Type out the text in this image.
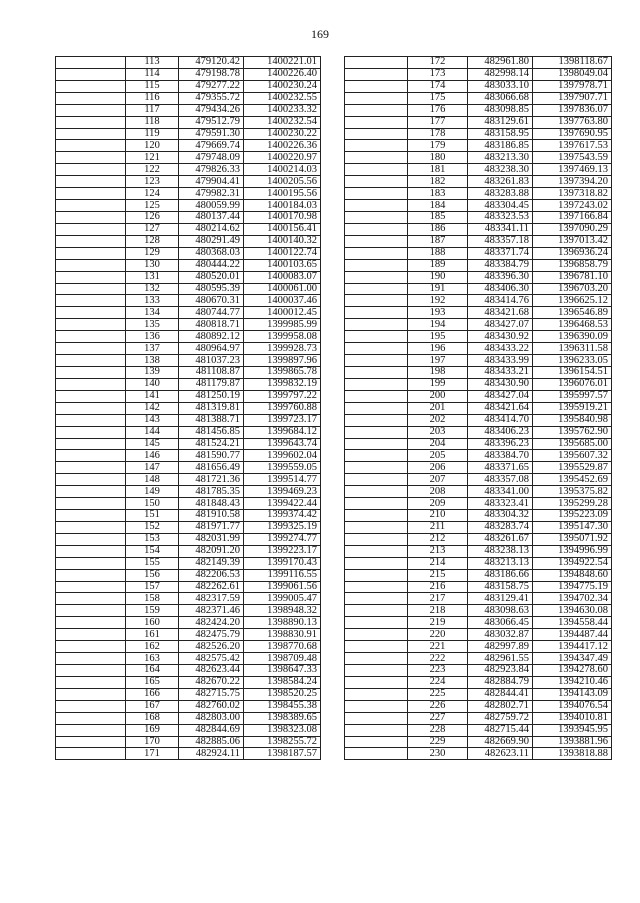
169
	113	479120.42	1400221.01
	114	479198.78	1400226.40
	115	479277.22	1400230.24
	116	479355.72	1400232.55
	117	479434.26	1400233.32
	118	479512.79	1400232.54
	119	479591.30	1400230.22
	120	479669.74	1400226.36
	121	479748.09	1400220.97
	122	479826.33	1400214.03
	123	479904.41	1400205.56
	124	479982.31	1400195.56
	125	480059.99	1400184.03
	126	480137.44	1400170.98
	127	480214.62	1400156.41
	128	480291.49	1400140.32
	129	480368.03	1400122.74
	130	480444.22	1400103.65
	131	480520.01	1400083.07
	132	480595.39	1400061.00
	133	480670.31	1400037.46
	134	480744.77	1400012.45
	135	480818.71	1399985.99
	136	480892.12	1399958.08
	137	480964.97	1399928.73
	138	481037.23	1399897.96
	139	481108.87	1399865.78
	140	481179.87	1399832.19
	141	481250.19	1399797.22
	142	481319.81	1399760.88
	143	481388.71	1399723.17
	144	481456.85	1399684.12
	145	481524.21	1399643.74
	146	481590.77	1399602.04
	147	481656.49	1399559.05
	148	481721.36	1399514.77
	149	481785.35	1399469.23
	150	481848.43	1399422.44
	151	481910.58	1399374.42
	152	481971.77	1399325.19
	153	482031.99	1399274.77
	154	482091.20	1399223.17
	155	482149.39	1399170.43
	156	482206.53	1399116.55
	157	482262.61	1399061.56
	158	482317.59	1399005.47
	159	482371.46	1398948.32
	160	482424.20	1398890.13
	161	482475.79	1398830.91
	162	482526.20	1398770.68
	163	482575.42	1398709.48
	164	482623.44	1398647.33
	165	482670.22	1398584.24
	166	482715.75	1398520.25
	167	482760.02	1398455.38
	168	482803.00	1398389.65
	169	482844.69	1398323.08
	170	482885.06	1398255.72
	171	482924.11	1398187.57
	172	482961.80	1398118.67
	173	482998.14	1398049.04
	174	483033.10	1397978.71
	175	483066.68	1397907.71
	176	483098.85	1397836.07
	177	483129.61	1397763.80
	178	483158.95	1397690.95
	179	483186.85	1397617.53
	180	483213.30	1397543.59
	181	483238.30	1397469.13
	182	483261.83	1397394.20
	183	483283.88	1397318.82
	184	483304.45	1397243.02
	185	483323.53	1397166.84
	186	483341.11	1397090.29
	187	483357.18	1397013.42
	188	483371.74	1396936.24
	189	483384.79	1396858.79
	190	483396.30	1396781.10
	191	483406.30	1396703.20
	192	483414.76	1396625.12
	193	483421.68	1396546.89
	194	483427.07	1396468.53
	195	483430.92	1396390.09
	196	483433.22	1396311.58
	197	483433.99	1396233.05
	198	483433.21	1396154.51
	199	483430.90	1396076.01
	200	483427.04	1395997.57
	201	483421.64	1395919.21
	202	483414.70	1395840.98
	203	483406.23	1395762.90
	204	483396.23	1395685.00
	205	483384.70	1395607.32
	206	483371.65	1395529.87
	207	483357.08	1395452.69
	208	483341.00	1395375.82
	209	483323.41	1395299.28
	210	483304.32	1395223.09
	211	483283.74	1395147.30
	212	483261.67	1395071.92
	213	483238.13	1394996.99
	214	483213.13	1394922.54
	215	483186.66	1394848.60
	216	483158.75	1394775.19
	217	483129.41	1394702.34
	218	483098.63	1394630.08
	219	483066.45	1394558.44
	220	483032.87	1394487.44
	221	482997.89	1394417.12
	222	482961.55	1394347.49
	223	482923.84	1394278.60
	224	482884.79	1394210.46
	225	482844.41	1394143.09
	226	482802.71	1394076.54
	227	482759.72	1394010.81
	228	482715.44	1393945.95
	229	482669.90	1393881.96
	230	482623.11	1393818.88
